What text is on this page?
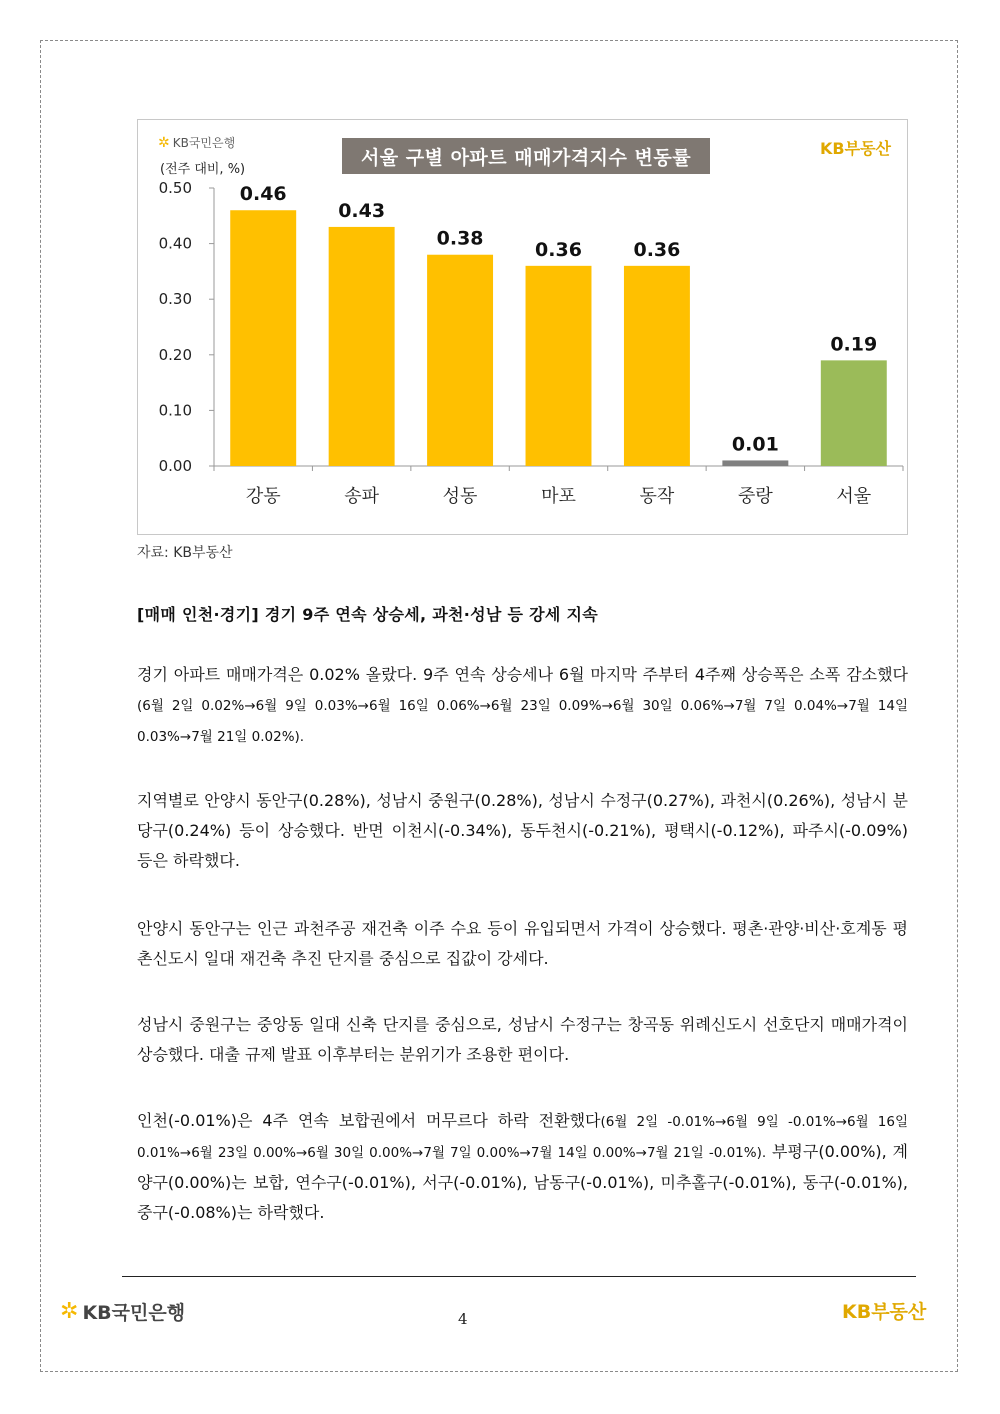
0.00
0.10
0.20
0.30
0.40
0.50	0.46
강동
0.43
송파
0.38
성동
0.36
마포
0.36
동작
0.01
중랑
0.19
서울
✲ KB국민은행
(전주 대비, %)
서울 구별 아파트 매매가격지수 변동률	KB부동산
자료: KB부동산
[매매 인천·경기] 경기 9주 연속 상승세, 과천·성남 등 강세 지속

경기 아파트 매매가격은 0.02% 올랐다. 9주 연속 상승세나 6월 마지막 주부터 4주째 상승폭은 소폭 감소했다(6월 2일 0.02%→6월 9일 0.03%→6월 16일 0.06%→6월 23일 0.09%→6월 30일 0.06%→7월 7일 0.04%→7월 14일 0.03%→7월 21일 0.02%).

지역별로 안양시 동안구(0.28%), 성남시 중원구(0.28%), 성남시 수정구(0.27%), 과천시(0.26%), 성남시 분당구(0.24%) 등이 상승했다. 반면 이천시(-0.34%), 동두천시(-0.21%), 평택시(-0.12%), 파주시(-0.09%) 등은 하락했다.

안양시 동안구는 인근 과천주공 재건축 이주 수요 등이 유입되면서 가격이 상승했다. 평촌·관양·비산·호계동 평촌신도시 일대 재건축 추진 단지를 중심으로 집값이 강세다.

성남시 중원구는 중앙동 일대 신축 단지를 중심으로, 성남시 수정구는 창곡동 위례신도시 선호단지 매매가격이 상승했다. 대출 규제 발표 이후부터는 분위기가 조용한 편이다.

인천(-0.01%)은 4주 연속 보합권에서 머무르다 하락 전환했다(6월 2일 -0.01%→6월 9일 -0.01%→6월 16일 0.01%→6월 23일 0.00%→6월 30일 0.00%→7월 7일 0.00%→7월 14일 0.00%→7월 21일 -0.01%). 부평구(0.00%), 계양구(0.00%)는 보합, 연수구(-0.01%), 서구(-0.01%), 남동구(-0.01%), 미추홀구(-0.01%), 동구(-0.01%), 중구(-0.08%)는 하락했다.

✲ KB국민은행	4	KB부동산
